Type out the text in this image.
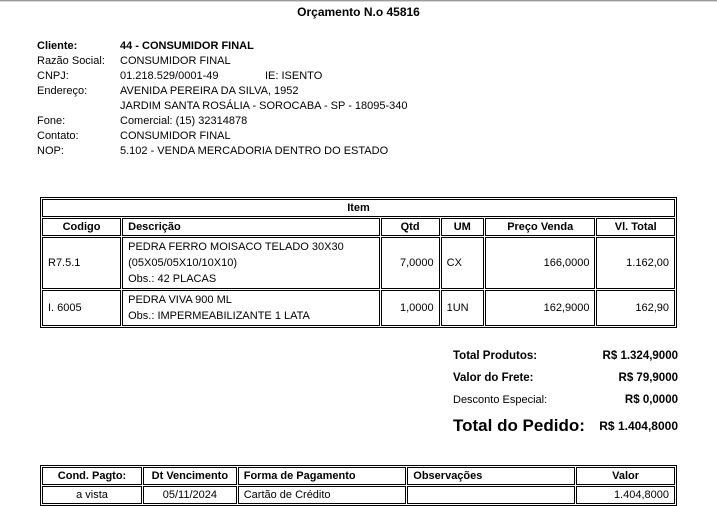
Orçamento N.o 45816
Cliente:	44 - CONSUMIDOR FINAL
Razão Social:	CONSUMIDOR FINAL
CNPJ:	01.218.529/0001-49	IE: ISENTO
Endereço:	AVENIDA PEREIRA DA SILVA, 1952
JARDIM SANTA ROSÁLIA - SOROCABA - SP - 18095-340
Fone:	Comercial: (15) 32314878
Contato:	CONSUMIDOR FINAL
NOP:	5.102 - VENDA MERCADORIA DENTRO DO ESTADO
Item					
Codigo	Descrição	Qtd	UM	Preço Venda	Vl. Total
R7.5.1	PEDRA FERRO MOISACO TELADO 30X30
(05X05/05X10/10X10)
Obs.: 42 PLACAS	7,0000	CX	166,0000	1.162,00
I. 6005	PEDRA VIVA 900 ML
Obs.: IMPERMEABILIZANTE 1 LATA	1,0000	1UN	162,9000	162,90
Total Produtos:	R$ 1.324,9000
Valor do Frete:	R$ 79,9000
Desconto Especial:	R$ 0,0000
Total do Pedido: R$ 1.404,8000
Cond. Pagto:	Dt Vencimento	Forma de Pagamento	Observações	Valor
a vista	05/11/2024	Cartão de Crédito		1.404,8000
